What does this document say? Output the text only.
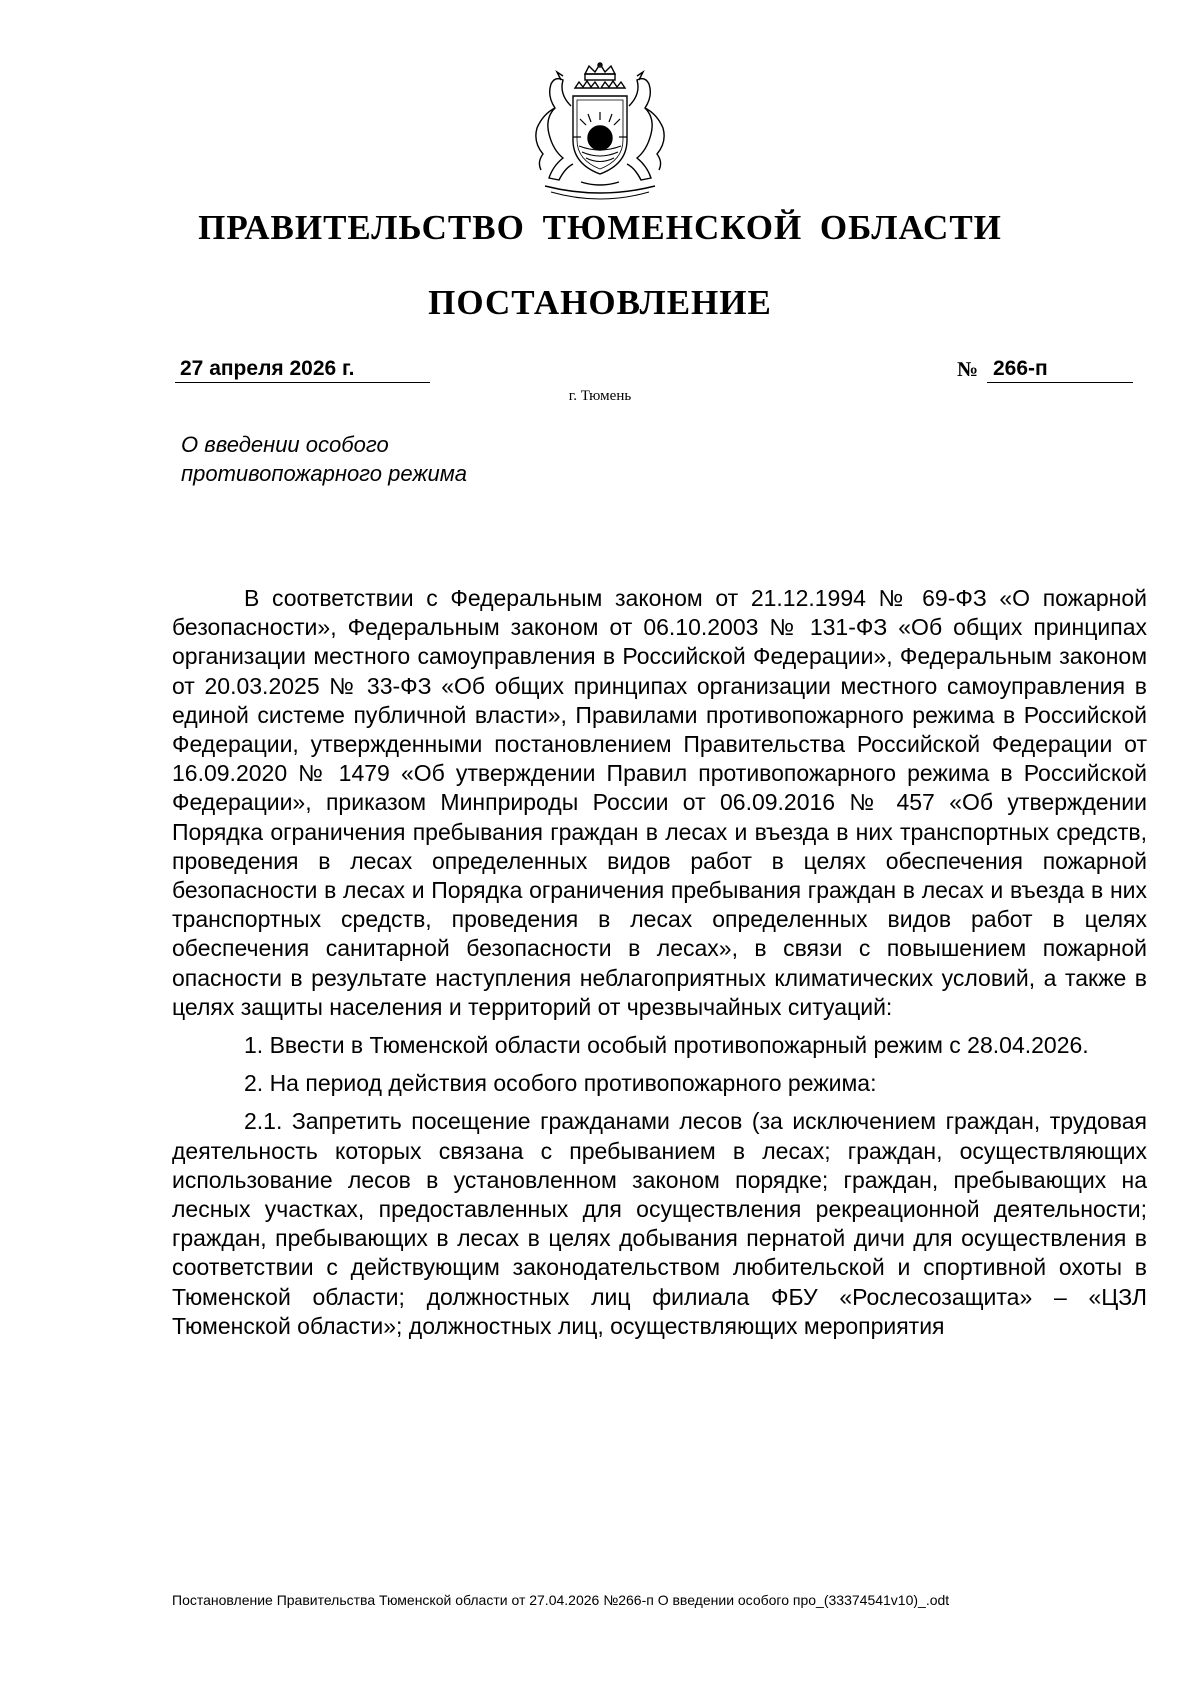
ПРАВИТЕЛЬСТВО ТЮМЕНСКОЙ ОБЛАСТИ
ПОСТАНОВЛЕНИЕ
27 апреля 2026 г.	№ 266-п
г. Тюмень
О введении особого
противопожарного режима

В соответствии с Федеральным законом от 21.12.1994 № 69-ФЗ «О пожарной безопасности», Федеральным законом от 06.10.2003 № 131-ФЗ «Об общих принципах организации местного самоуправления в Российской Федерации», Федеральным законом от 20.03.2025 № 33-ФЗ «Об общих принципах организации местного самоуправления в единой системе публичной власти», Правилами противопожарного режима в Российской Федерации, утвержденными постановлением Правительства Российской Федерации от 16.09.2020 № 1479 «Об утверждении Правил противопожарного режима в Российской Федерации», приказом Минприроды России от 06.09.2016 № 457 «Об утверждении Порядка ограничения пребывания граждан в лесах и въезда в них транспортных средств, проведения в лесах определенных видов работ в целях обеспечения пожарной безопасности в лесах и Порядка ограничения пребывания граждан в лесах и въезда в них транспортных средств, проведения в лесах определенных видов работ в целях обеспечения санитарной безопасности в лесах», в связи с повышением пожарной опасности в результате наступления неблагоприятных климатических условий, а также в целях защиты населения и территорий от чрезвычайных ситуаций:

1. Ввести в Тюменской области особый противопожарный режим с 28.04.2026.

2. На период действия особого противопожарного режима:

2.1. Запретить посещение гражданами лесов (за исключением граждан, трудовая деятельность которых связана с пребыванием в лесах; граждан, осуществляющих использование лесов в установленном законом порядке; граждан, пребывающих на лесных участках, предоставленных для осуществления рекреационной деятельности; граждан, пребывающих в лесах в целях добывания пернатой дичи для осуществления в соответствии с действующим законодательством любительской и спортивной охоты в Тюменской области; должностных лиц филиала ФБУ «Рослесозащита» – «ЦЗЛ Тюменской области»; должностных лиц, осуществляющих мероприятия

Постановление Правительства Тюменской области от 27.04.2026 №266-п О введении особого про_(33374541v10)_.odt
